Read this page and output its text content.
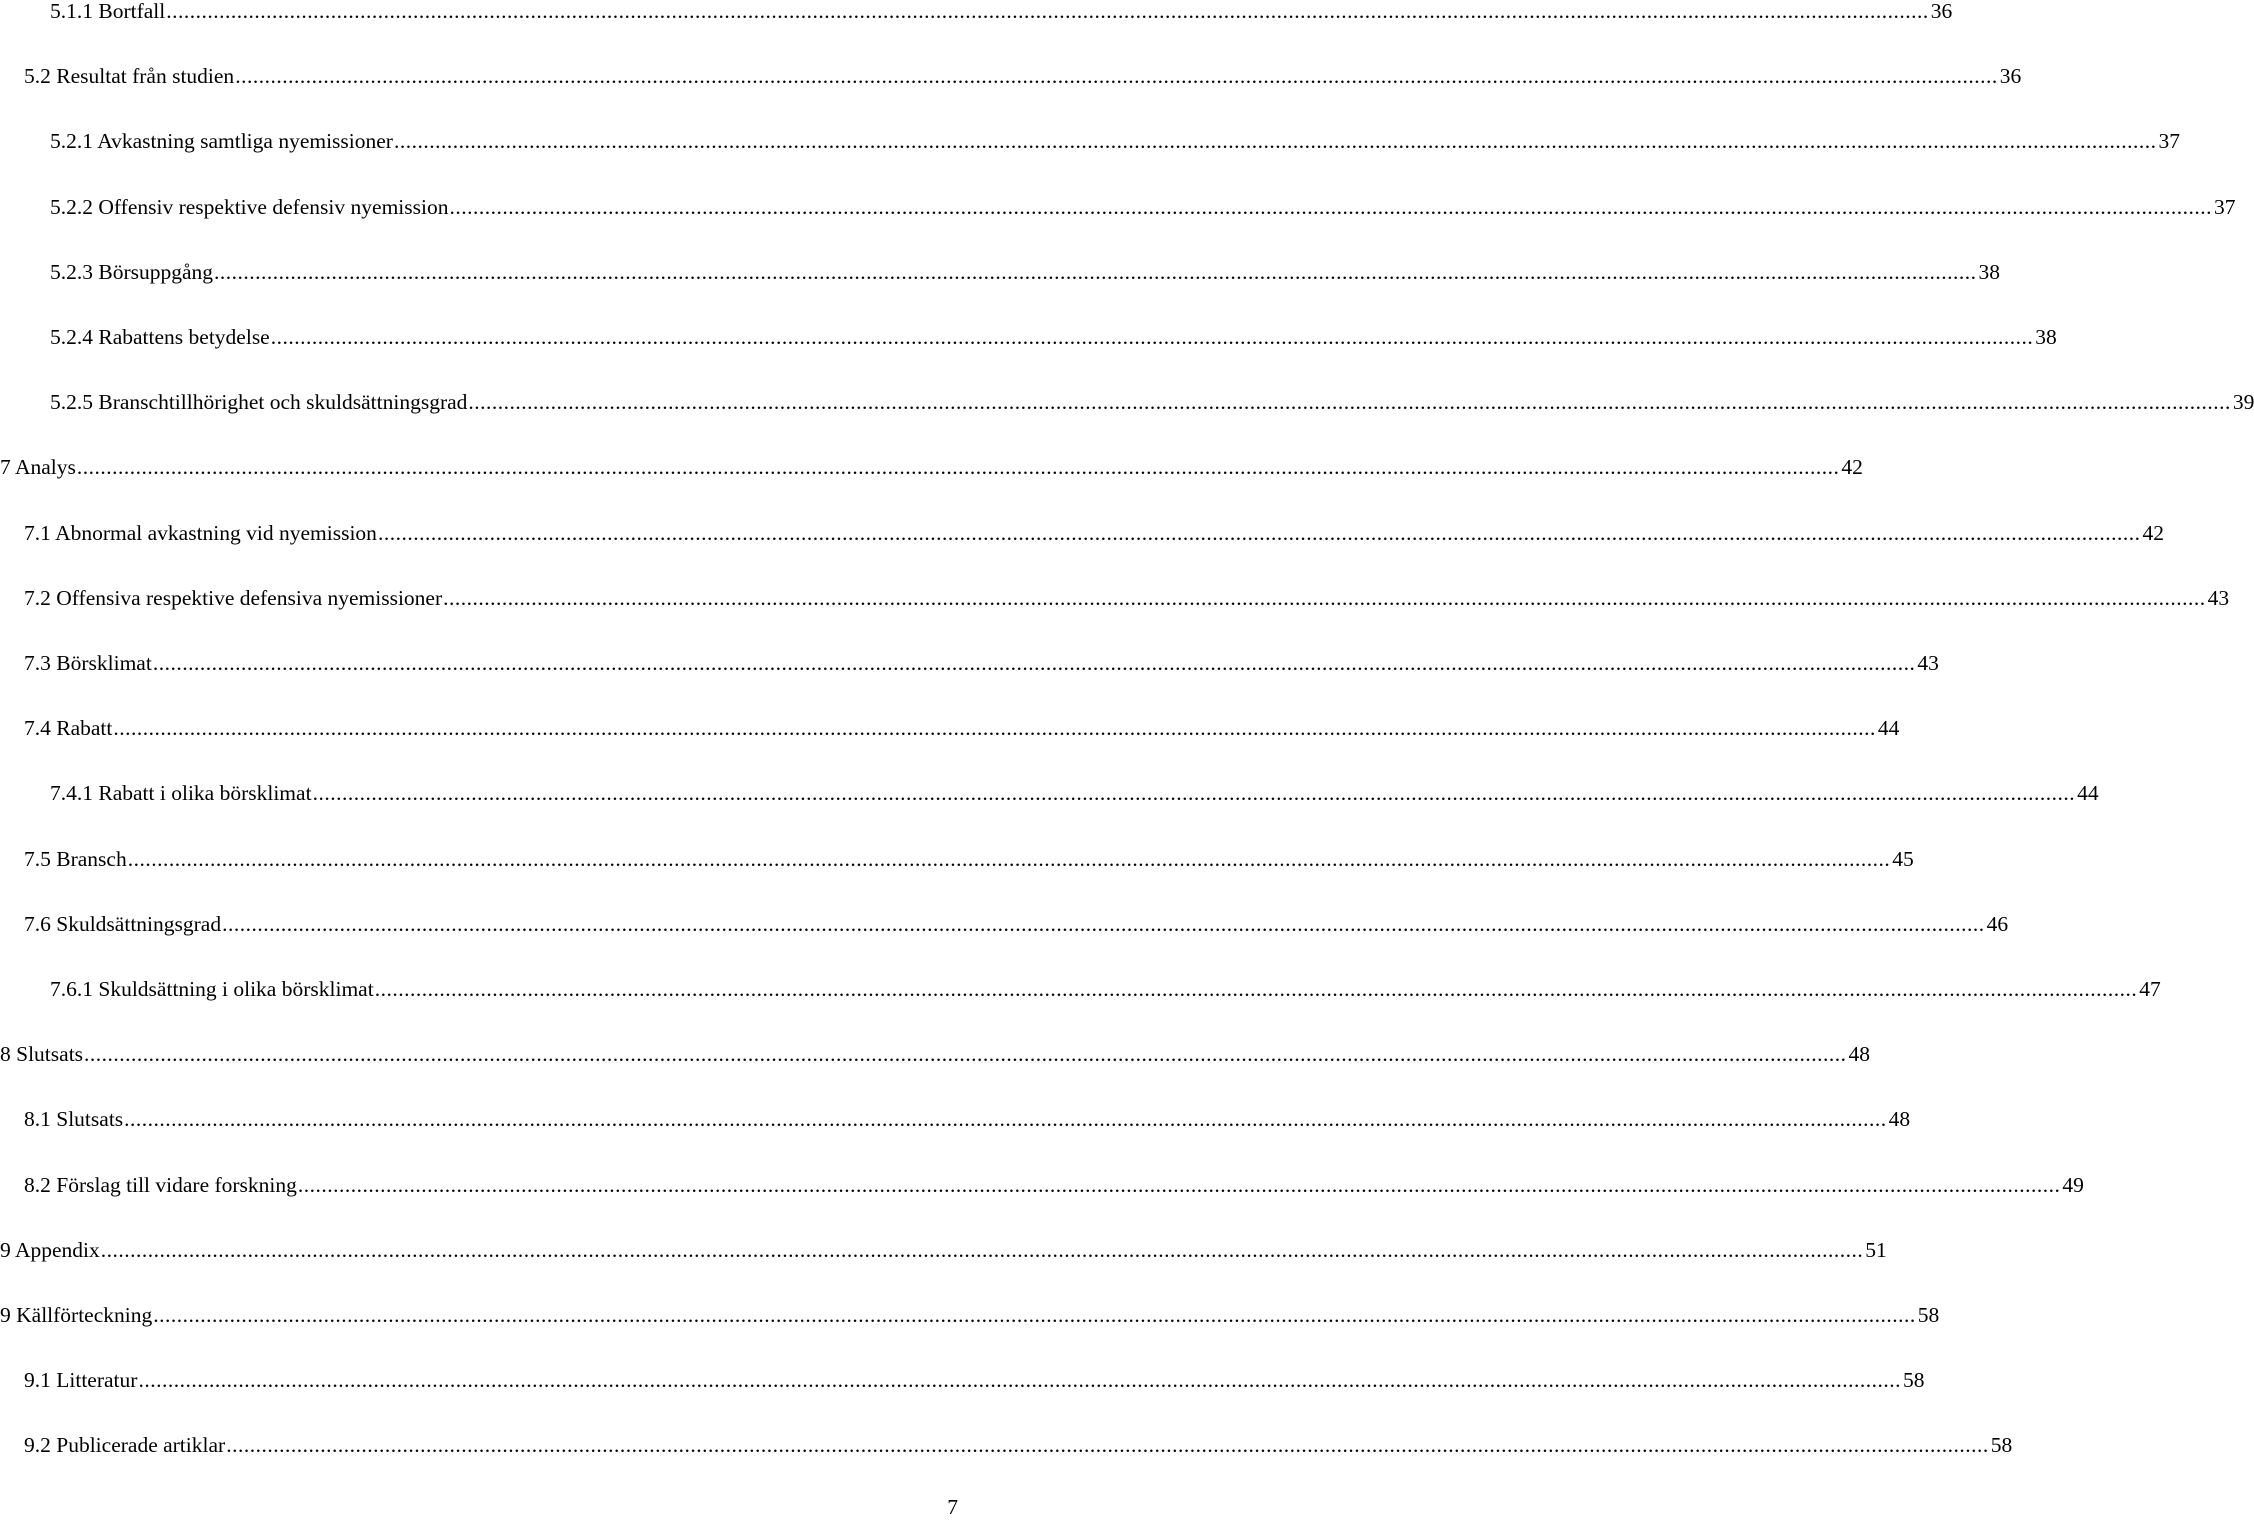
5.1.1 Bortfall ............................................................................................................................................................................................................................................................................................................ 36
5.2 Resultat från studien ............................................................................................................................................................................................................................................................................................................ 36
5.2.1 Avkastning samtliga nyemissioner ............................................................................................................................................................................................................................................................................................................ 37
5.2.2 Offensiv respektive defensiv nyemission ............................................................................................................................................................................................................................................................................................................ 37
5.2.3 Börsuppgång ............................................................................................................................................................................................................................................................................................................ 38
5.2.4 Rabattens betydelse ............................................................................................................................................................................................................................................................................................................ 38
5.2.5 Branschtillhörighet och skuldsättningsgrad ............................................................................................................................................................................................................................................................................................................ 39
7 Analys ............................................................................................................................................................................................................................................................................................................ 42
7.1 Abnormal avkastning vid nyemission ............................................................................................................................................................................................................................................................................................................ 42
7.2 Offensiva respektive defensiva nyemissioner ............................................................................................................................................................................................................................................................................................................ 43
7.3 Börsklimat ............................................................................................................................................................................................................................................................................................................ 43
7.4 Rabatt ............................................................................................................................................................................................................................................................................................................ 44
7.4.1 Rabatt i olika börsklimat ............................................................................................................................................................................................................................................................................................................ 44
7.5 Bransch ............................................................................................................................................................................................................................................................................................................ 45
7.6 Skuldsättningsgrad ............................................................................................................................................................................................................................................................................................................ 46
7.6.1 Skuldsättning i olika börsklimat ............................................................................................................................................................................................................................................................................................................ 47
8 Slutsats ............................................................................................................................................................................................................................................................................................................ 48
8.1 Slutsats ............................................................................................................................................................................................................................................................................................................ 48
8.2 Förslag till vidare forskning ............................................................................................................................................................................................................................................................................................................ 49
9 Appendix ............................................................................................................................................................................................................................................................................................................ 51
9 Källförteckning ............................................................................................................................................................................................................................................................................................................ 58
9.1 Litteratur ............................................................................................................................................................................................................................................................................................................ 58
9.2 Publicerade artiklar ............................................................................................................................................................................................................................................................................................................ 58
7
